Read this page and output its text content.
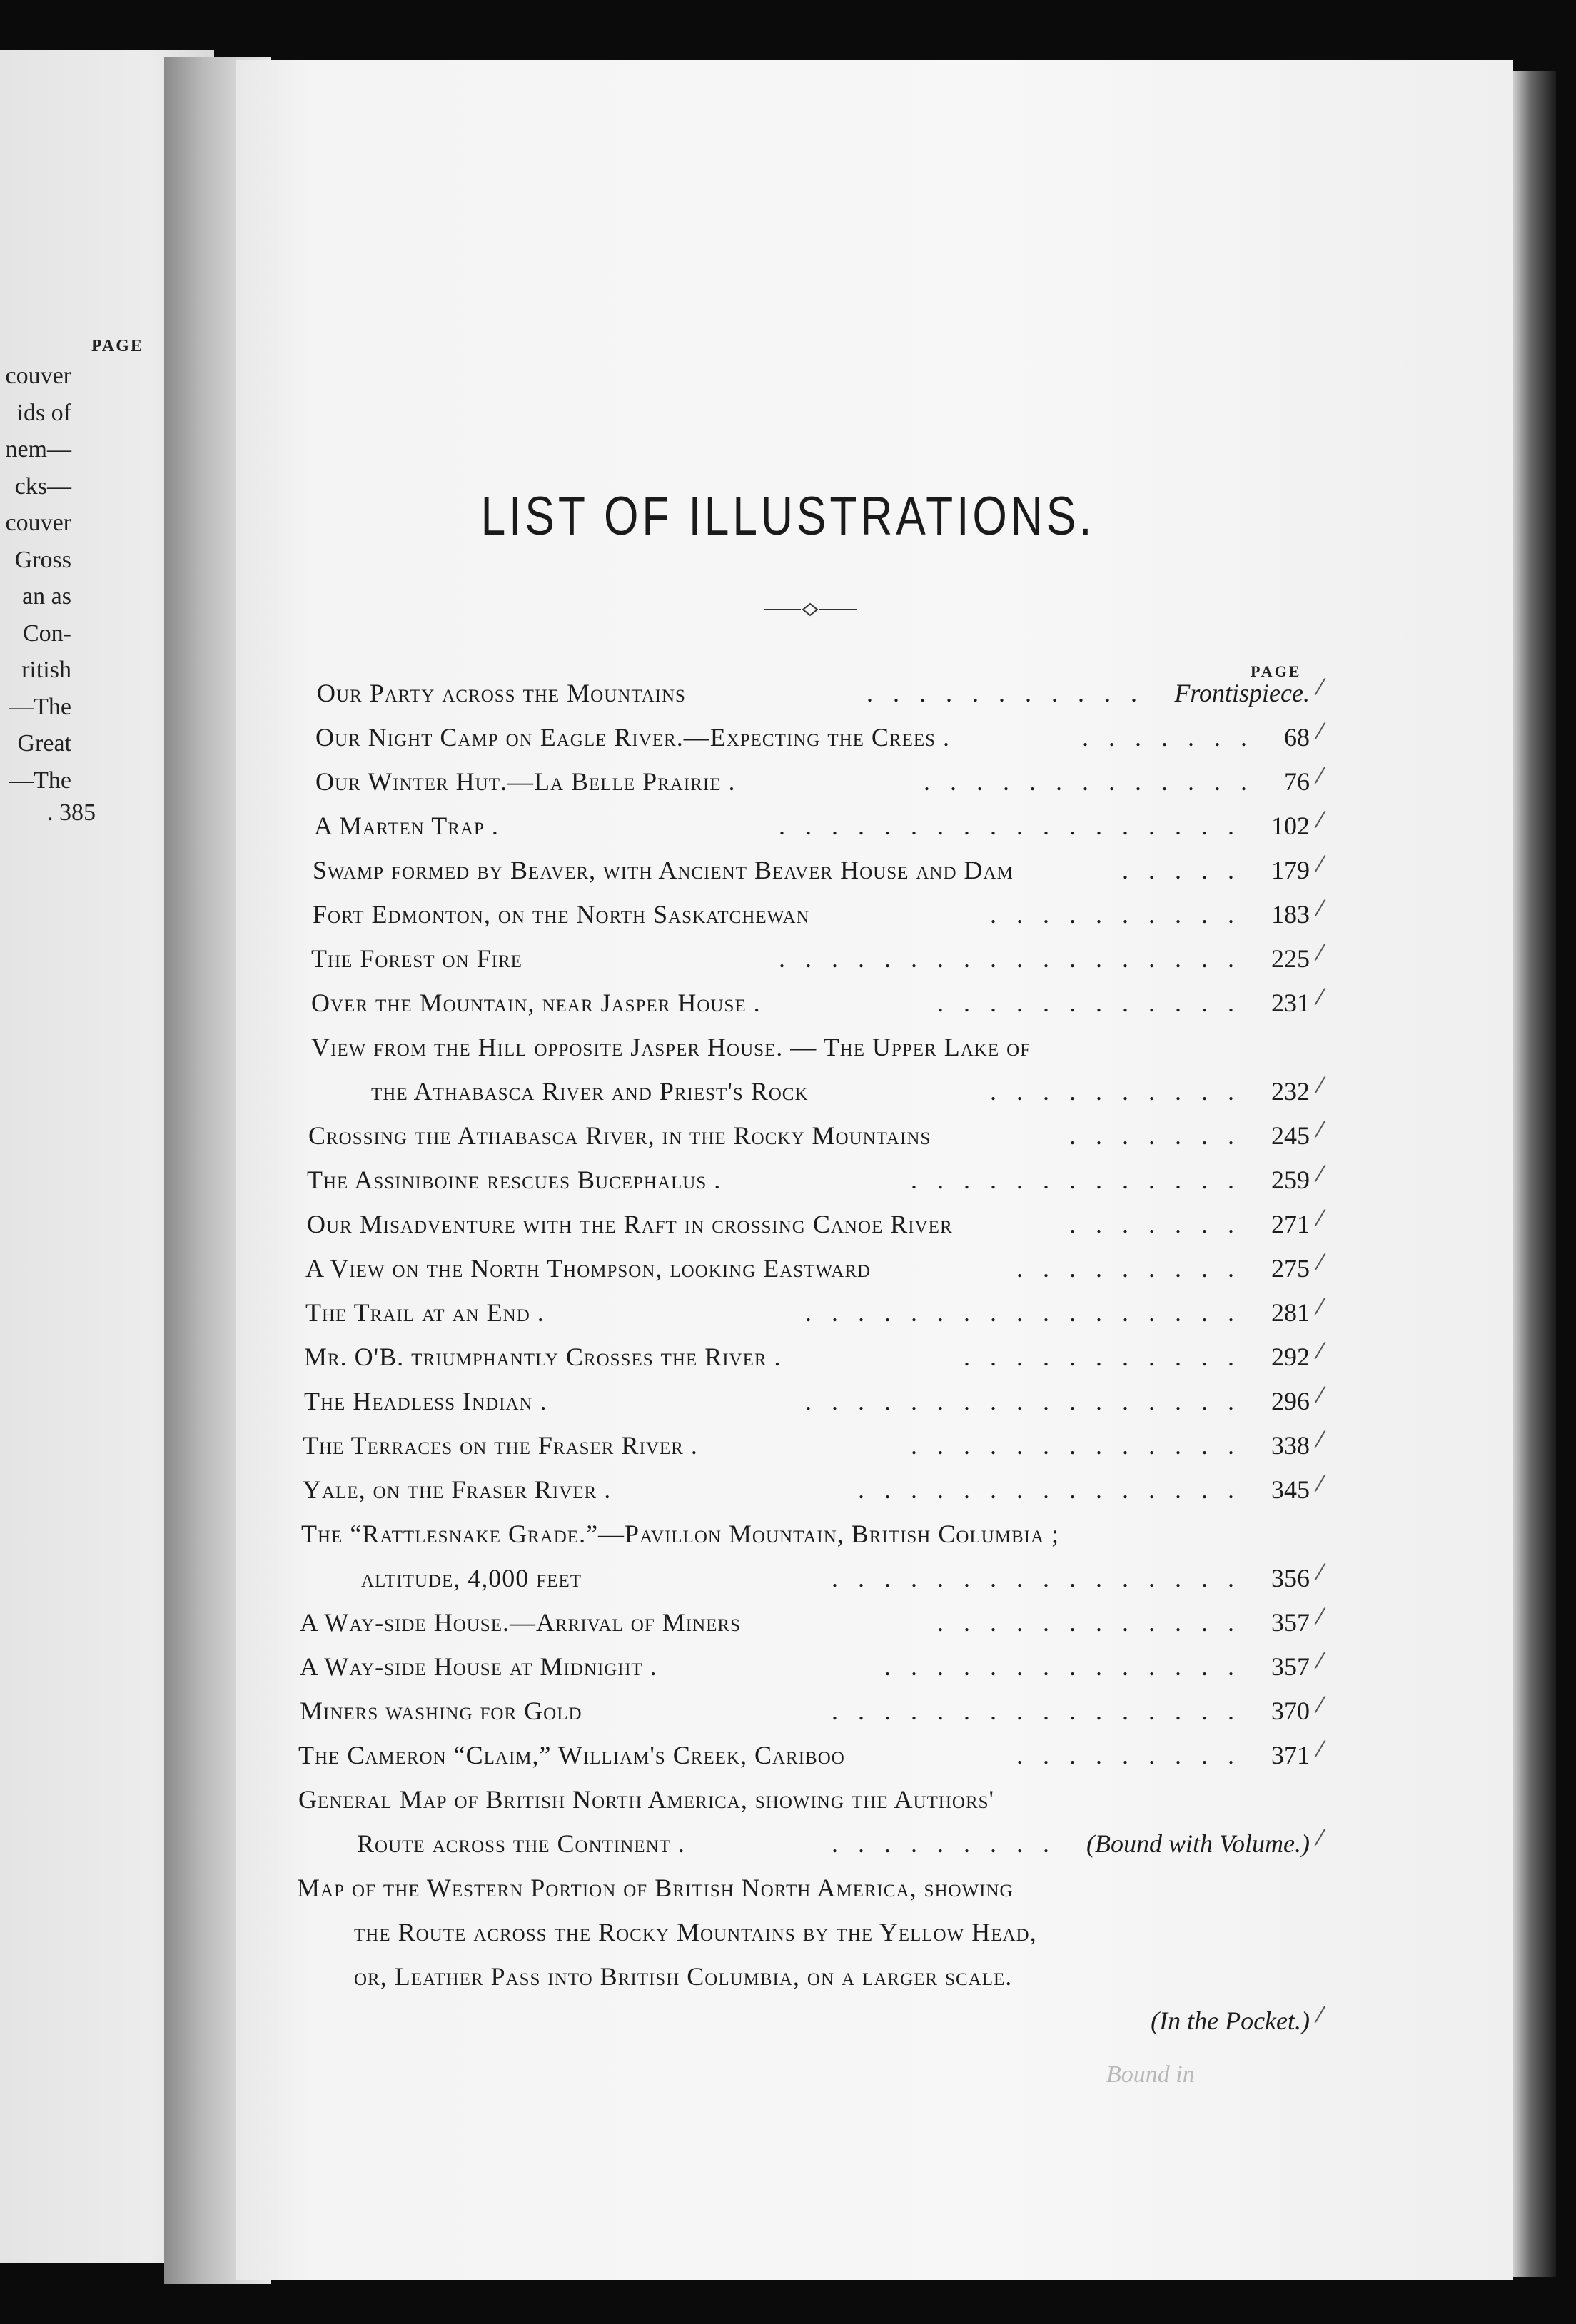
PAGE
couver
ids of
nem—
cks—
couver
Gross
an as
Con-
ritish
—The
Great
—The
. 385
LIST OF ILLUSTRATIONS.
PAGE
Our Party across the Mountains	Frontispiece. ⁄
...........
Our Night Camp on Eagle River.—Expecting the Crees .	68 ⁄
.......
Our Winter Hut.—La Belle Prairie .	76 ⁄
.............
A Marten Trap .	102 ⁄
..................
Swamp formed by Beaver, with Ancient Beaver House and Dam	179 ⁄
.....
Fort Edmonton, on the North Saskatchewan	183 ⁄
..........
The Forest on Fire	225 ⁄
..................
Over the Mountain, near Jasper House .	231 ⁄
............
View from the Hill opposite Jasper House. — The Upper Lake of
the Athabasca River and Priest's Rock	232 ⁄
..........
Crossing the Athabasca River, in the Rocky Mountains	245 ⁄
.......
The Assiniboine rescues Bucephalus .	259 ⁄
.............
Our Misadventure with the Raft in crossing Canoe River	271 ⁄
.......
A View on the North Thompson, looking Eastward	275 ⁄
.........
The Trail at an End .	281 ⁄
.................
Mr. O'B. triumphantly Crosses the River .	292 ⁄
...........
The Headless Indian .	296 ⁄
.................
The Terraces on the Fraser River .	338 ⁄
.............
Yale, on the Fraser River .	345 ⁄
...............
The “Rattlesnake Grade.”—Pavillon Mountain, British Columbia ;
altitude, 4,000 feet	356 ⁄
................
A Way-side House.—Arrival of Miners	357 ⁄
............
A Way-side House at Midnight .	357 ⁄
..............
Miners washing for Gold	370 ⁄
................
The Cameron “Claim,” William's Creek, Cariboo	371 ⁄
.........
General Map of British North America, showing the Authors'
Route across the Continent .	(Bound with Volume.) ⁄
.........
Map of the Western Portion of British North America, showing
the Route across the Rocky Mountains by the Yellow Head,
or, Leather Pass into British Columbia, on a larger scale.
(In the Pocket.) ⁄
Bound in
